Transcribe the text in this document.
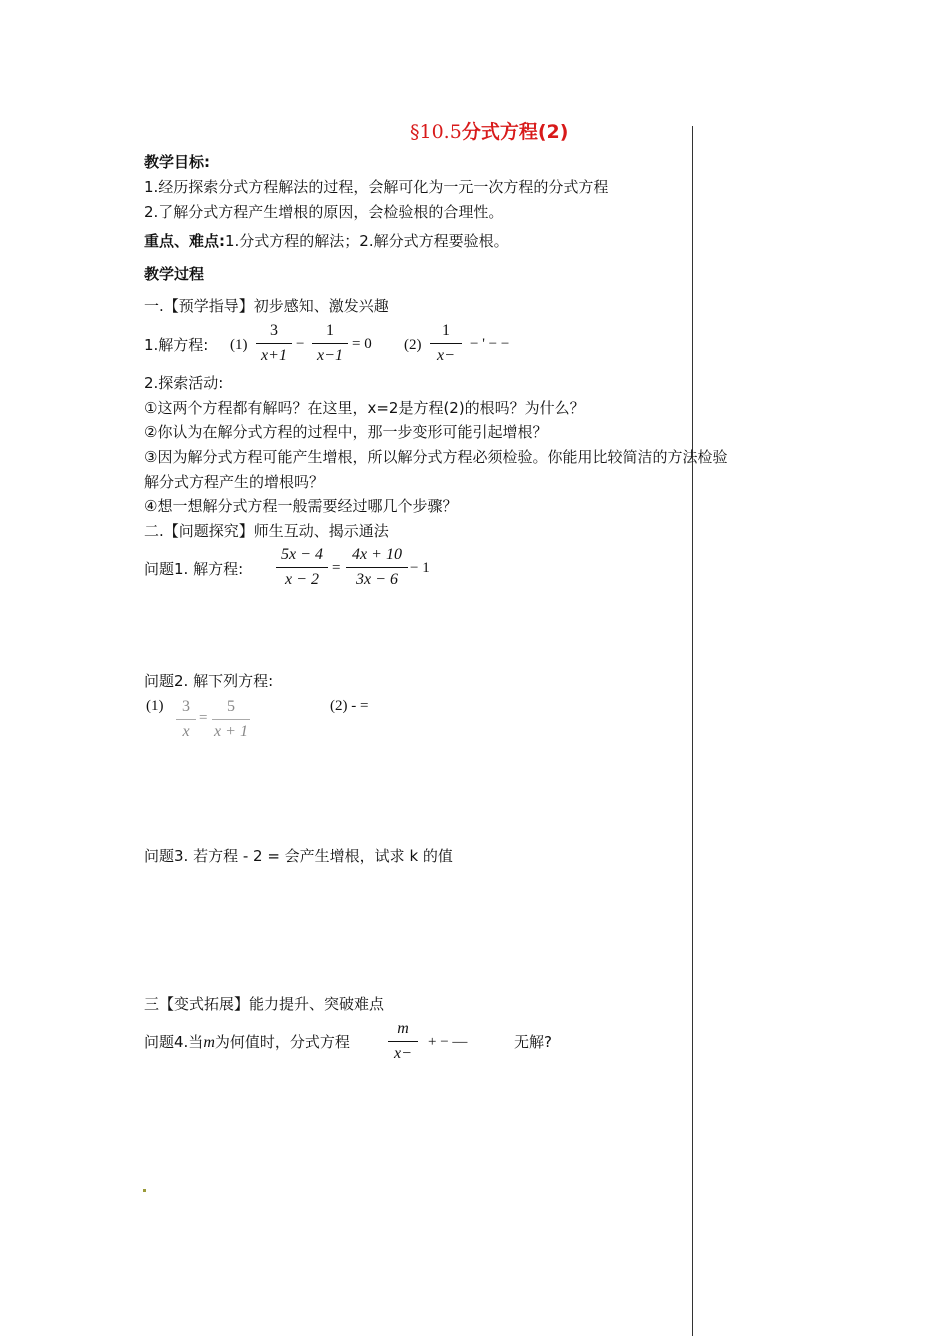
§10.5分式方程(2)
教学目标:
1.经历探索分式方程解法的过程，会解可化为一元一次方程的分式方程
2.了解分式方程产生增根的原因，会检验根的合理性。
重点、难点:1.分式方程的解法；2.解分式方程要验根。
教学过程
一.【预学指导】初步感知、激发兴趣
1.解方程: (1)
3
x+1
−
1
x−1
= 0 (2)
1
x−
− ' − −
2.探索活动:
①这两个方程都有解吗？在这里，x=2是方程(2)的根吗？为什么？
②你认为在解分式方程的过程中，那一步变形可能引起增根？
③因为解分式方程可能产生增根，所以解分式方程必须检验。你能用比较简洁的方法检验
解分式方程产生的增根吗？
④想一想解分式方程一般需要经过哪几个步骤？
二.【问题探究】师生互动、揭示通法
问题1. 解方程:
5x − 4
x − 2
=
4x + 10
3x − 6
− 1
问题2. 解下列方程:
(1)	3
x
=
5
x + 1
(2) - =
问题3. 若方程 - 2 = 会产生增根，试求 k 的值
三【变式拓展】能力提升、突破难点
问题4.当m为何值时，分式方程
m
x−
+ − —	无解?
